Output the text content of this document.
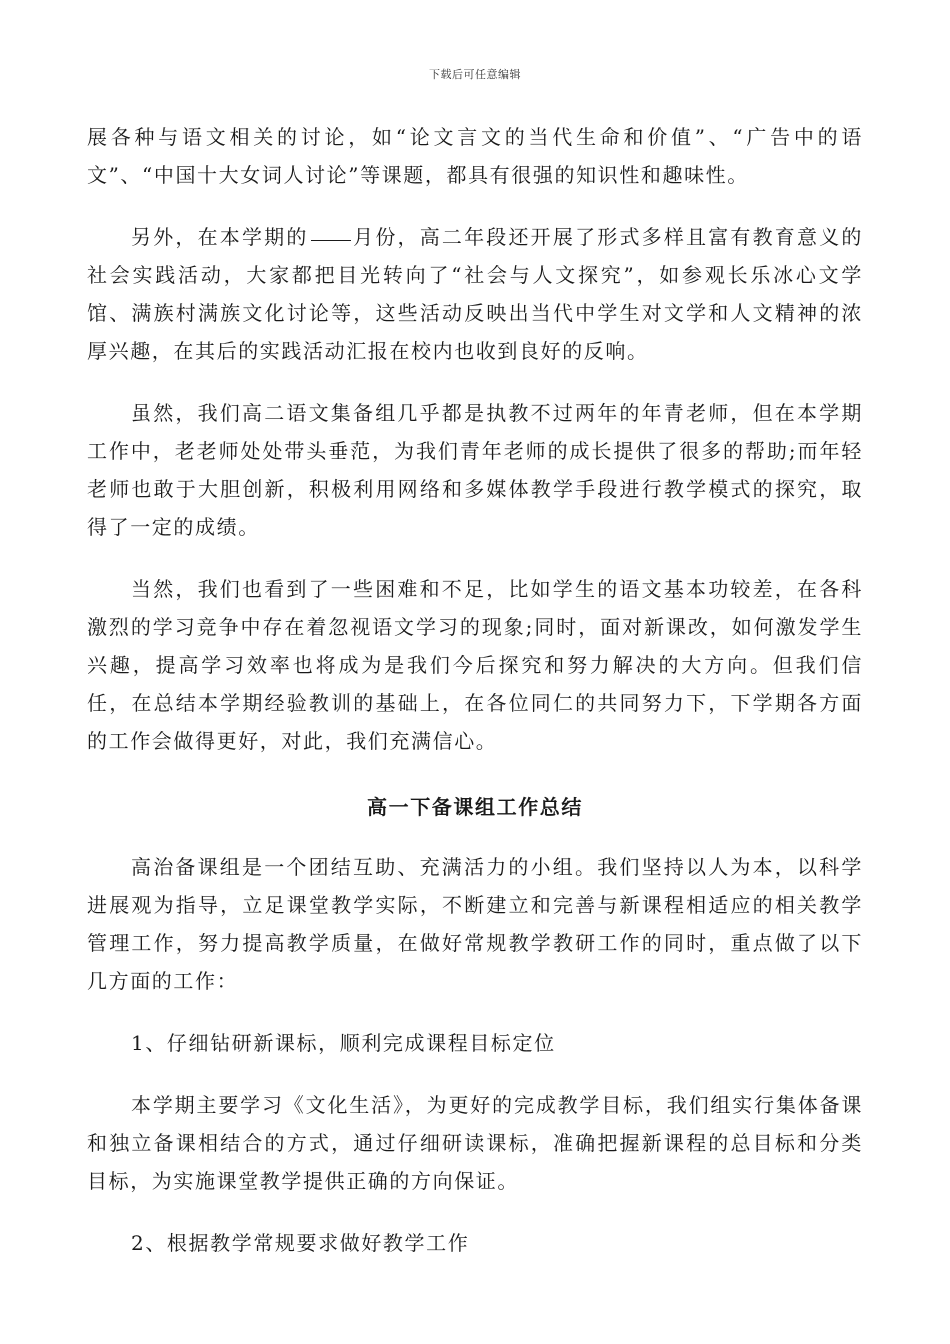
下载后可任意编辑

展各种与语文相关的讨论，如“论文言文的当代生命和价值”、“广告中的语文”、“中国十大女词人讨论”等课题，都具有很强的知识性和趣味性。

另外，在本学期的 月份，高二年段还开展了形式多样且富有教育意义的社会实践活动，大家都把目光转向了“社会与人文探究”，如参观长乐冰心文学馆、满族村满族文化讨论等，这些活动反映出当代中学生对文学和人文精神的浓厚兴趣，在其后的实践活动汇报在校内也收到良好的反响。

虽然，我们高二语文集备组几乎都是执教不过两年的年青老师，但在本学期工作中，老老师处处带头垂范，为我们青年老师的成长提供了很多的帮助;而年轻老师也敢于大胆创新，积极利用网络和多媒体教学手段进行教学模式的探究，取得了一定的成绩。

当然，我们也看到了一些困难和不足，比如学生的语文基本功较差，在各科激烈的学习竞争中存在着忽视语文学习的现象;同时，面对新课改，如何激发学生兴趣，提高学习效率也将成为是我们今后探究和努力解决的大方向。但我们信任，在总结本学期经验教训的基础上，在各位同仁的共同努力下，下学期各方面的工作会做得更好，对此，我们充满信心。

高一下备课组工作总结

高治备课组是一个团结互助、充满活力的小组。我们坚持以人为本，以科学进展观为指导，立足课堂教学实际，不断建立和完善与新课程相适应的相关教学管理工作，努力提高教学质量，在做好常规教学教研工作的同时，重点做了以下几方面的工作：

1、仔细钻研新课标，顺利完成课程目标定位

本学期主要学习《文化生活》，为更好的完成教学目标，我们组实行集体备课和独立备课相结合的方式，通过仔细研读课标，准确把握新课程的总目标和分类目标，为实施课堂教学提供正确的方向保证。

2、根据教学常规要求做好教学工作
